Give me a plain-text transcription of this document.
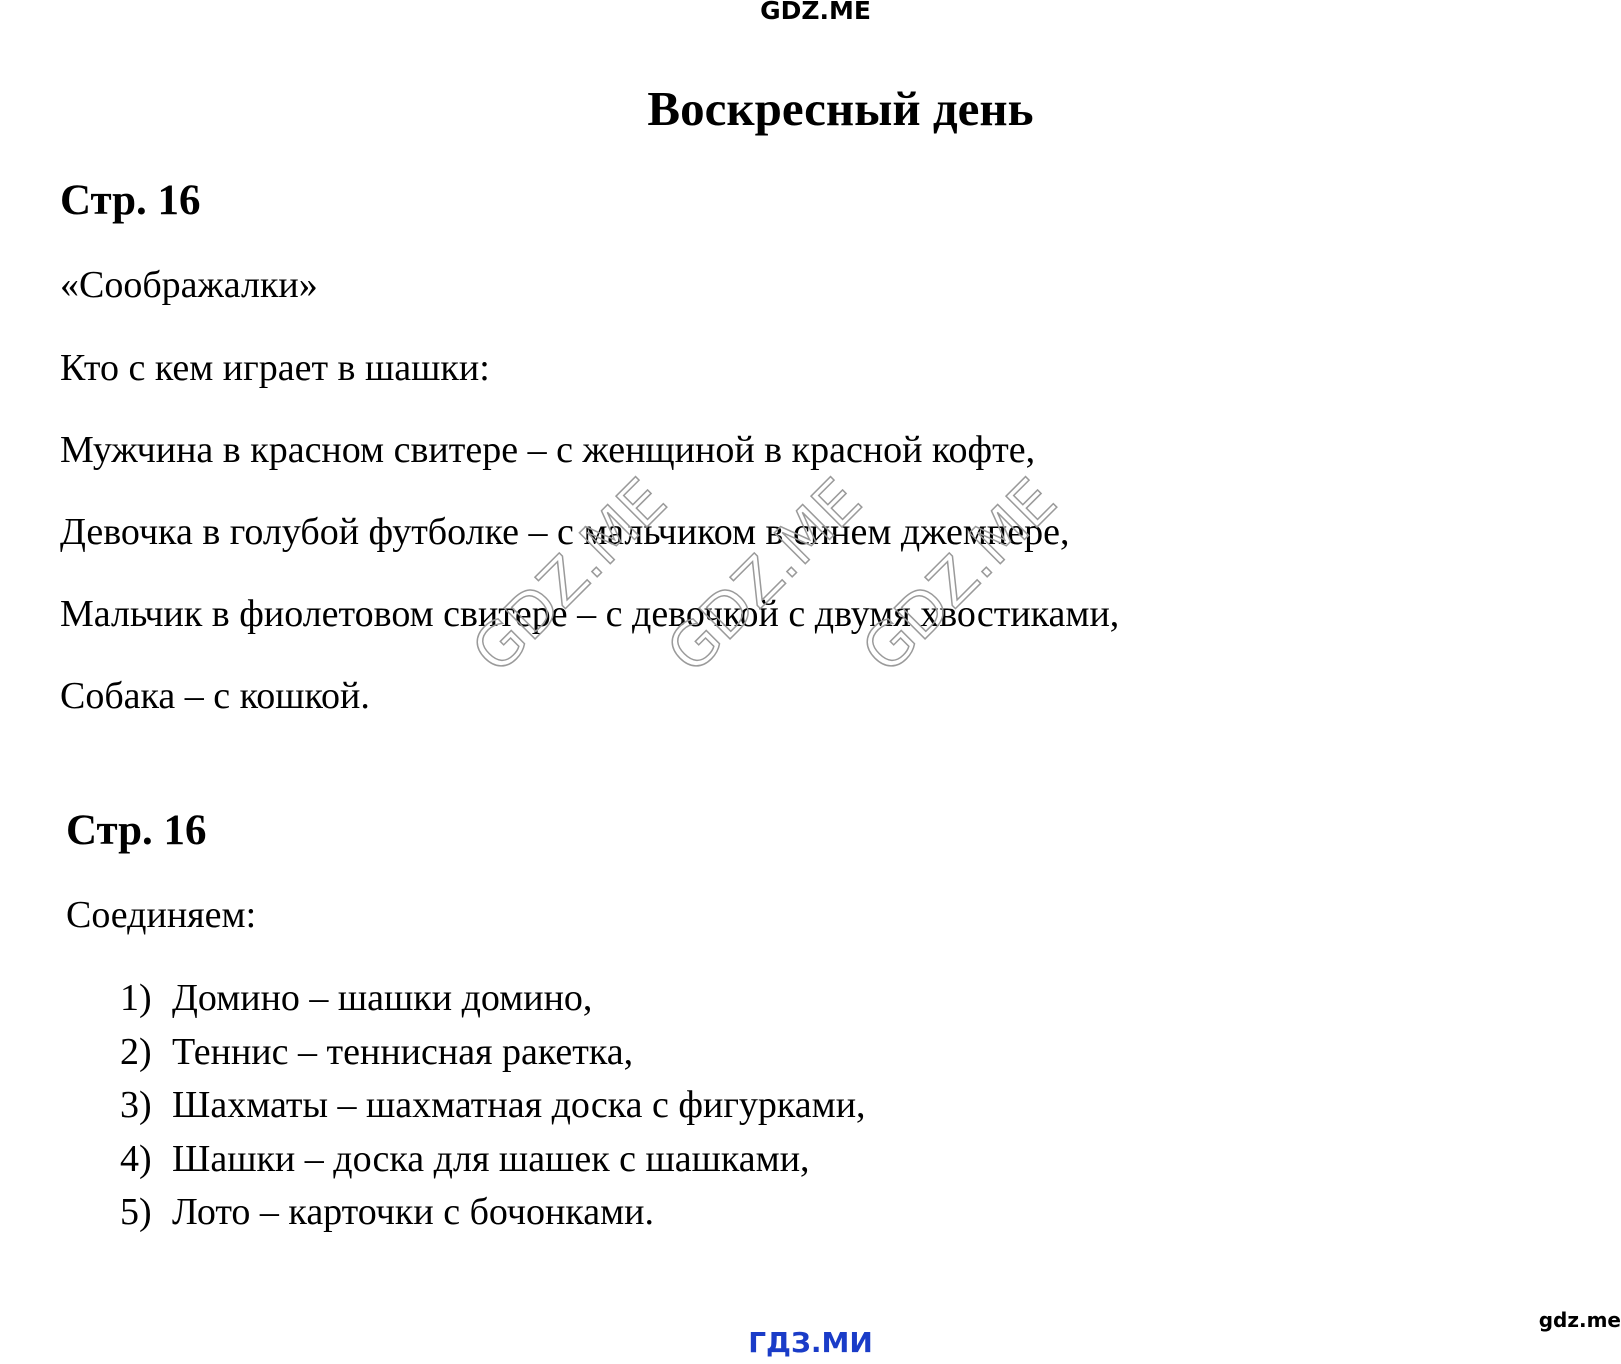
GDZ.ME
Воскресный день
Стр. 16
«Соображалки»
Кто с кем играет в шашки:
Мужчина в красном свитере – с женщиной в красной кофте,
Девочка в голубой футболке – с мальчиком в синем джемпере,
Мальчик в фиолетовом свитере – с девочкой с двумя хвостиками,
Собака – с кошкой.
Стр. 16
Соединяем:
1) Домино – шашки домино,
2) Теннис – теннисная ракетка,
3) Шахматы – шахматная доска с фигурками,
4) Шашки – доска для шашек с шашками,
5) Лото – карточки с бочонками.
ГДЗ.МИ
gdz.me
GDZ.ME
GDZ.ME
GDZ.ME
